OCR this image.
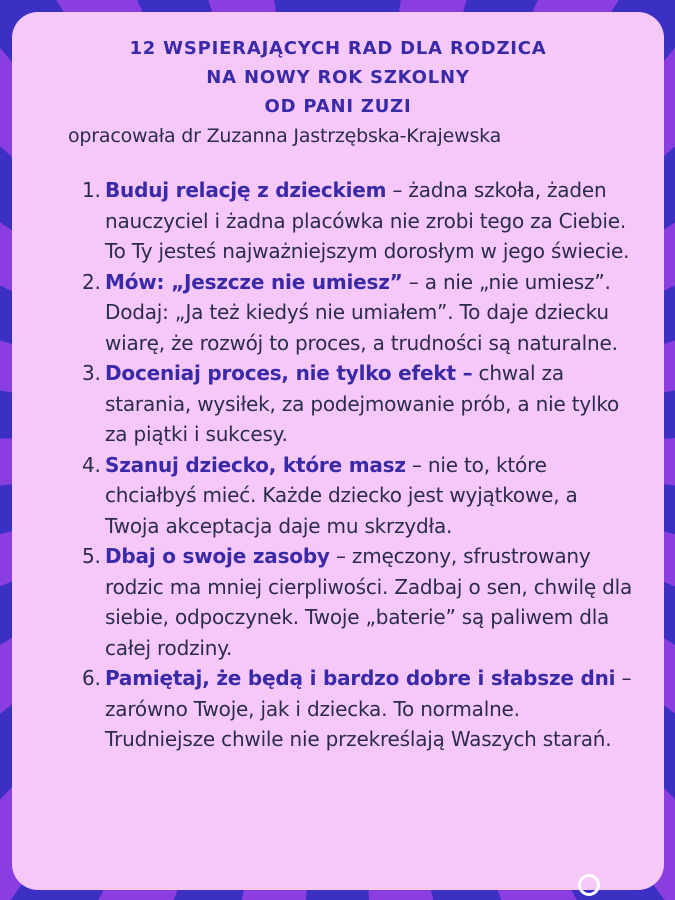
12 WSPIERAJĄCYCH RAD DLA RODZICA
NA NOWY ROK SZKOLNY
OD PANI ZUZI
opracowała dr Zuzanna Jastrzębska-Krajewska
1. Buduj relację z dzieckiem – żadna szkoła, żaden nauczyciel i żadna placówka nie zrobi tego za Ciebie. To Ty jesteś najważniejszym dorosłym w jego świecie.
2. Mów: „Jeszcze nie umiesz” – a nie „nie umiesz”. Dodaj: „Ja też kiedyś nie umiałem”. To daje dziecku wiarę, że rozwój to proces, a trudności są naturalne.
3. Doceniaj proces, nie tylko efekt – chwal za starania, wysiłek, za podejmowanie prób, a nie tylko za piątki i sukcesy.
4. Szanuj dziecko, które masz – nie to, które chciałbyś mieć. Każde dziecko jest wyjątkowe, a Twoja akceptacja daje mu skrzydła.
5. Dbaj o swoje zasoby – zmęczony, sfrustrowany rodzic ma mniej cierpliwości. Zadbaj o sen, chwilę dla siebie, odpoczynek. Twoje „baterie” są paliwem dla całej rodziny.
6. Pamiętaj, że będą i bardzo dobre i słabsze dni – zarówno Twoje, jak i dziecka. To normalne. Trudniejsze chwile nie przekreślają Waszych starań.
